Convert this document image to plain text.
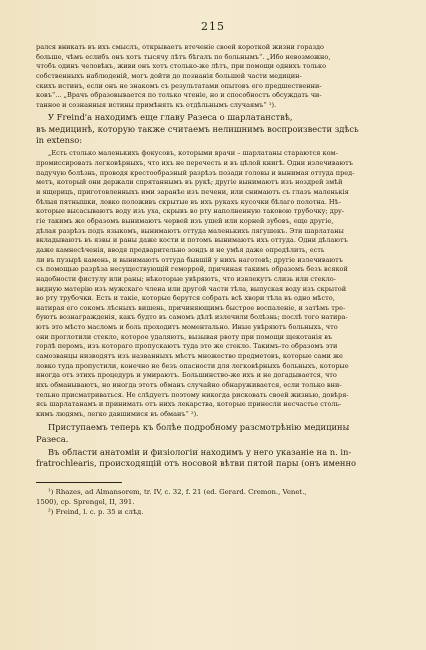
215

рался вникать въ ихъ смыслъ, открываетъ втеченіе своей короткой жизни гораздо

больше, чѣмъ еслибъ онъ хотъ тысячу лѣтъ бѣгалъ по больнымъ“. „Ибо невозможно,

чтобъ одинъ человѣкъ, живи онъ хотъ столько-же лѣтъ, при помощи однихъ только

собственныхъ наблюденій, могъ дойти до познанія большей части медицин-

скихъ истинъ, если онъ не знакомъ съ результатами опытовъ его предшественни-

ковъ“... „Врачъ образовывается по только чтеніе, но и способностъ обсуждать чи-

танное и сознанныя истины примѣнять къ отдѣльнымъ случаямъ“ ¹).

У Freind'а находимъ еще главу Разеса о шарлатанствѣ,

въ медицинѣ, которую также считаемъ нелишнимъ воспроизвести здѣсь

in extenso:

„Есть столько маленькихъ фокусовъ, которыми врачи – шарлатаны стараются ком-

промиссировать легковѣрныхъ, что ихъ не перечесть и въ цѣлой книгѣ. Одни излечиваютъ

падучую болѣзнь, проводя крестообразный разрѣзъ позади головы и вынимая оттуда пред-

метъ, который они держали спрятаннымъ въ рукѣ; другіе вынимаютъ изъ ноздрей змѣй

и ящерицъ, приготовленныхъ ими заранѣе изъ печени, или снимаютъ съ глазъ маленькія

бѣлыя пятнышки, ловко положивъ скрытые въ ихъ рукахъ кусочки бѣлаго полотна. Нѣ-

которые высасываютъ воду изъ уха, скрывъ во рту наполненную таковою трубочку; дру-

гіе такимъ же образомъ вынимаютъ червей изъ ушей или корней зубовъ, еще другіе,

дѣлая разрѣзъ подъ языкомъ, вынимаютъ оттуда маленькихъ лягушекъ. Эти шарлатаны

вкладываютъ въ язвы и раны даже кости и потомъ вынимаютъ ихъ оттуда. Одни дѣлаютъ

даже камнесѣченія, вводя предварительно зондъ и не умѣя даже опредѣлить, есть

ли въ пузырѣ камень, и вынимаютъ оттуда бывшій у нихъ наготовѣ; другіе излечиваютъ

съ помощью разрѣза несуществующій геморрой, причиная такимъ образомъ безъ всякой

надобности фистулу или раны; нѣкоторые увѣряютъ, что извлекутъ слизь или стекло-

видную матерію изъ мужскаго члена или другой части тѣла, выпуская воду изъ скрытой

во рту трубочки. Есть и такіе, которые берутся собрать всѣ хвори тѣла въ одно мѣсто,

натирая его сокомъ лѣсныхъ вишень, причиняющимъ быстрое воспаленіе, и затѣмъ тре-

буютъ вознагражденія, какъ будто въ самомъ дѣлѣ излечили болѣзнь; послѣ того натира-

ютъ это мѣсто масломъ и боль проходитъ моментально. Иные увѣряютъ больныхъ, что

они проглотили стекло, которое удаляютъ, вызывая рвоту при помощи щекотанія въ

горлѣ перомъ, изъ котораго пропускаютъ туда это же стекло. Такимъ-то образомъ эти

самозванцы низводятъ изъ названныхъ мѣстъ множество предметовъ, которые сами же

ловко туда пропустили, конечно не безъ опасности для легковѣрныхъ больныхъ, которые

иногда отъ этихъ процедуръ и умираютъ. Большинство-же ихъ и не догадывается, что

ихъ обманываютъ, но иногда этотъ обманъ случайно обнаруживается, если только вни-

тельно присматриваться. Не слѣдуетъ поэтому никогда рисковать своей жизнью, довѣря-

ясь шарлатанамъ и принимать отъ нихъ лекарства, которые принесли несчастье столь-

кимъ людямъ, легко давшимися въ обманъ“ ²).

Приступаемъ теперь къ болѣе подробному разсмотрѣнію медицины

Разеса.

Въ области анатоміи и физіологіи находимъ у него указаніе на n. in-

fratrochlearis, происходящій отъ носовой вѣтви пятой пары (онъ именно

¹) Rhazes, ad Almansorem, tr. IV, c. 32, f. 21 (ed. Gerard. Cremon., Venet.,

1500), cp. Sprengel, II, 391.

²) Freind, l. c. p. 35 и слѣд.
